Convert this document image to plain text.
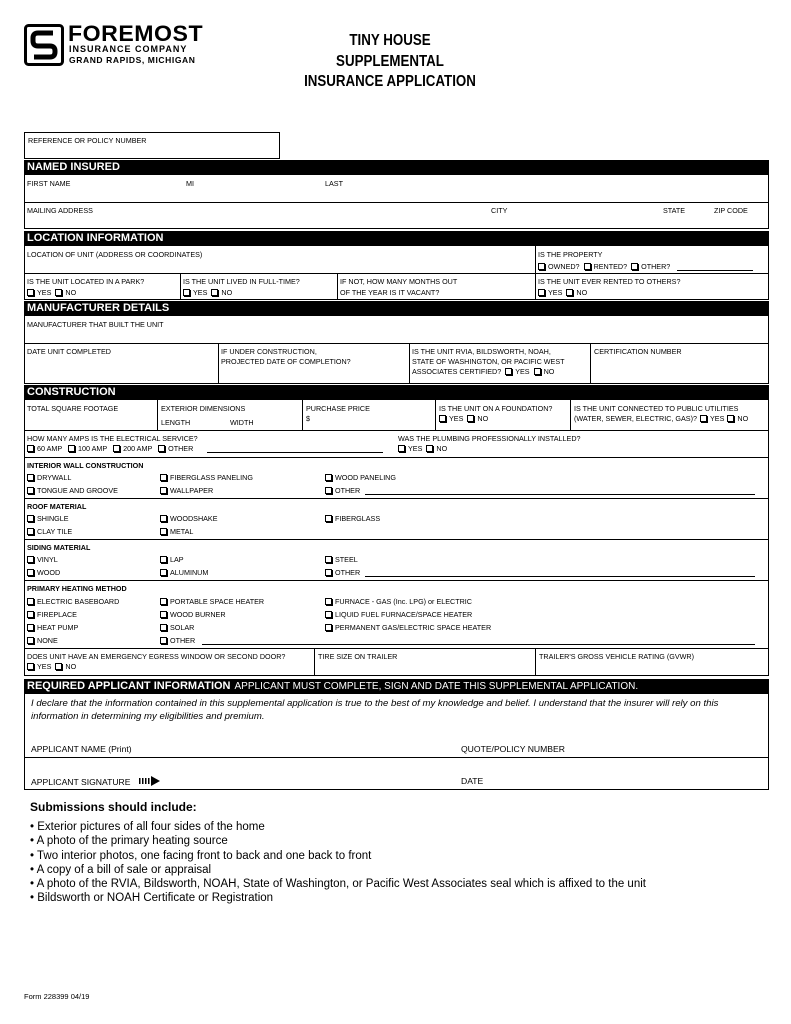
FOREMOST
INSURANCE COMPANY
GRAND RAPIDS, MICHIGAN
TINY HOUSE
SUPPLEMENTAL
INSURANCE APPLICATION
REFERENCE OR POLICY NUMBER
NAMED INSURED
FIRST NAME	MI	LAST
MAILING ADDRESS	CITY	STATE	ZIP CODE
LOCATION INFORMATION
LOCATION OF UNIT (ADDRESS OR COORDINATES)	IS THE PROPERTY
OWNED? RENTED? OTHER?
IS THE UNIT LOCATED IN A PARK?
YES NO
IS THE UNIT LIVED IN FULL-TIME?
YES NO
IF NOT, HOW MANY MONTHS OUT
OF THE YEAR IS IT VACANT?
IS THE UNIT EVER RENTED TO OTHERS?
YES NO
MANUFACTURER DETAILS
MANUFACTURER THAT BUILT THE UNIT
DATE UNIT COMPLETED	IF UNDER CONSTRUCTION,
PROJECTED DATE OF COMPLETION?
IS THE UNIT RVIA, BILDSWORTH, NOAH,
STATE OF WASHINGTON, OR PACIFIC WEST
ASSOCIATES CERTIFIED? YES NO
CERTIFICATION NUMBER
CONSTRUCTION
TOTAL SQUARE FOOTAGE	EXTERIOR DIMENSIONS
LENGTH	WIDTH
PURCHASE PRICE
$
IS THE UNIT ON A FOUNDATION?
YES NO
IS THE UNIT CONNECTED TO PUBLIC UTILITIES
(WATER, SEWER, ELECTRIC, GAS)? YES NO
HOW MANY AMPS IS THE ELECTRICAL SERVICE?
60 AMP 100 AMP 200 AMP OTHER
WAS THE PLUMBING PROFESSIONALLY INSTALLED?
YES NO
INTERIOR WALL CONSTRUCTION
DRYWALL	FIBERGLASS PANELING	WOOD PANELING
TONGUE AND GROOVE	WALLPAPER	OTHER
ROOF MATERIAL
SHINGLE	WOODSHAKE	FIBERGLASS
CLAY TILE	METAL
SIDING MATERIAL
VINYL	LAP	STEEL
WOOD	ALUMINUM	OTHER
PRIMARY HEATING METHOD
ELECTRIC BASEBOARD	PORTABLE SPACE HEATER	FURNACE - GAS (Inc. LPG) or ELECTRIC
FIREPLACE	WOOD BURNER	LIQUID FUEL FURNACE/SPACE HEATER
HEAT PUMP	SOLAR	PERMANENT GAS/ELECTRIC SPACE HEATER
NONE	OTHER
DOES UNIT HAVE AN EMERGENCY EGRESS WINDOW OR SECOND DOOR?
YES NO
TIRE SIZE ON TRAILER	TRAILER'S GROSS VEHICLE RATING (GVWR)
REQUIRED APPLICANT INFORMATION APPLICANT MUST COMPLETE, SIGN AND DATE THIS SUPPLEMENTAL APPLICATION.
I declare that the information contained in this supplemental application is true to the best of my knowledge and belief. I understand that the insurer will rely on this information in determining my eligibilities and premium.
APPLICANT NAME (Print)	QUOTE/POLICY NUMBER
APPLICANT SIGNATURE	DATE
Submissions should include:
• Exterior pictures of all four sides of the home
• A photo of the primary heating source
• Two interior photos, one facing front to back and one back to front
• A copy of a bill of sale or appraisal
• A photo of the RVIA, Bildsworth, NOAH, State of Washington, or Pacific West Associates seal which is affixed to the unit
• Bildsworth or NOAH Certificate or Registration
Form 228399 04/19
